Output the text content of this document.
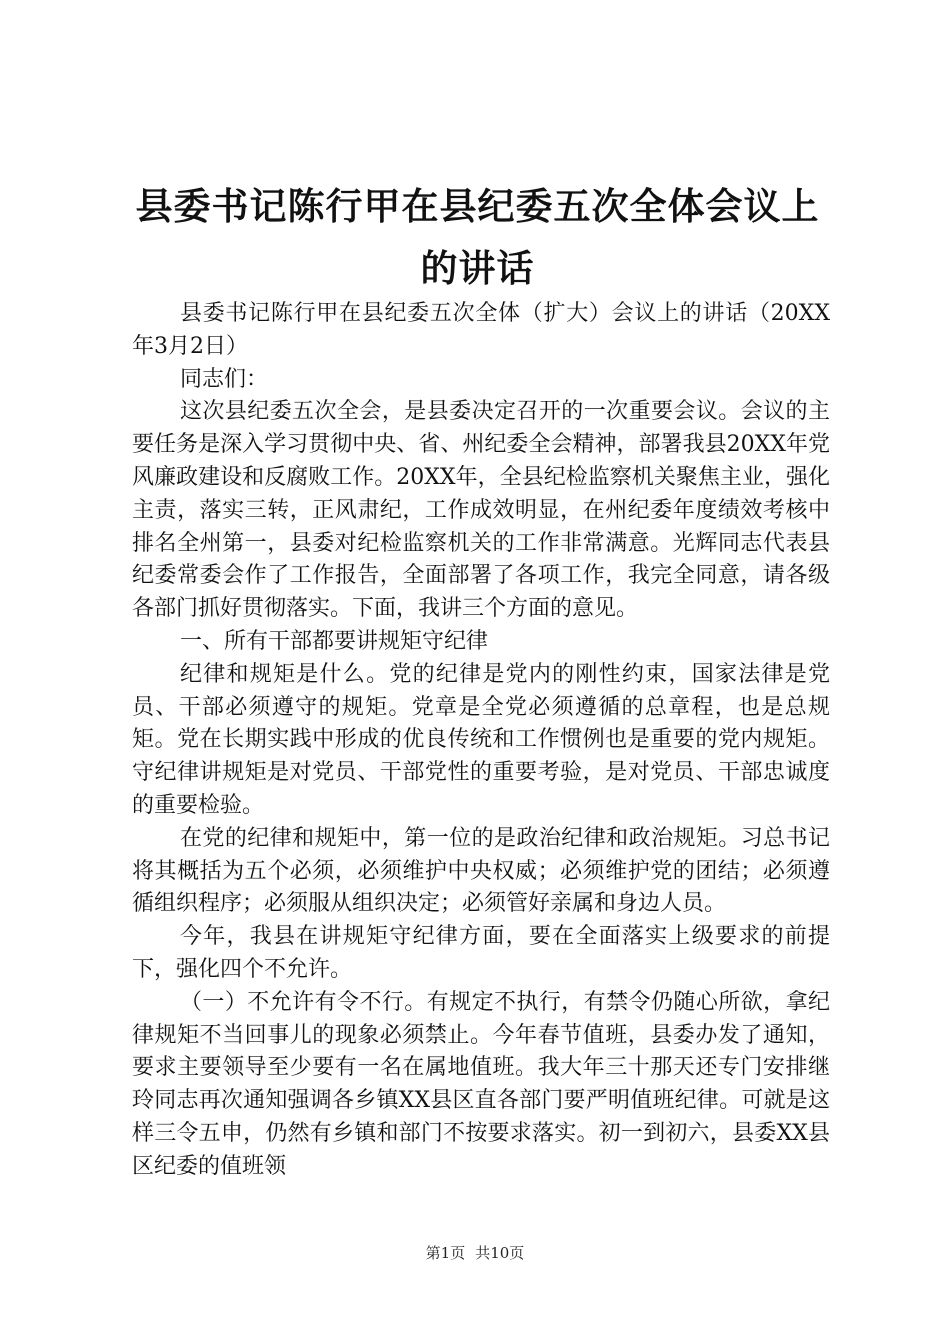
县委书记陈行甲在县纪委五次全体会议上的讲话

县委书记陈行甲在县纪委五次全体（扩大）会议上的讲话（20XX年3月2日）

同志们：

这次县纪委五次全会，是县委决定召开的一次重要会议。会议的主要任务是深入学习贯彻中央、省、州纪委全会精神，部署我县20XX年党风廉政建设和反腐败工作。20XX年，全县纪检监察机关聚焦主业，强化主责，落实三转，正风肃纪，工作成效明显，在州纪委年度绩效考核中排名全州第一，县委对纪检监察机关的工作非常满意。光辉同志代表县纪委常委会作了工作报告，全面部署了各项工作，我完全同意，请各级各部门抓好贯彻落实。下面，我讲三个方面的意见。

一、所有干部都要讲规矩守纪律

纪律和规矩是什么。党的纪律是党内的刚性约束，国家法律是党员、干部必须遵守的规矩。党章是全党必须遵循的总章程，也是总规矩。党在长期实践中形成的优良传统和工作惯例也是重要的党内规矩。守纪律讲规矩是对党员、干部党性的重要考验，是对党员、干部忠诚度的重要检验。

在党的纪律和规矩中，第一位的是政治纪律和政治规矩。习总书记将其概括为五个必须，必须维护中央权威；必须维护党的团结；必须遵循组织程序；必须服从组织决定；必须管好亲属和身边人员。

今年，我县在讲规矩守纪律方面，要在全面落实上级要求的前提下，强化四个不允许。

（一）不允许有令不行。有规定不执行，有禁令仍随心所欲，拿纪律规矩不当回事儿的现象必须禁止。今年春节值班，县委办发了通知，要求主要领导至少要有一名在属地值班。我大年三十那天还专门安排继玲同志再次通知强调各乡镇XX县区直各部门要严明值班纪律。可就是这样三令五申，仍然有乡镇和部门不按要求落实。初一到初六，县委XX县区纪委的值班领

第1页 共10页
